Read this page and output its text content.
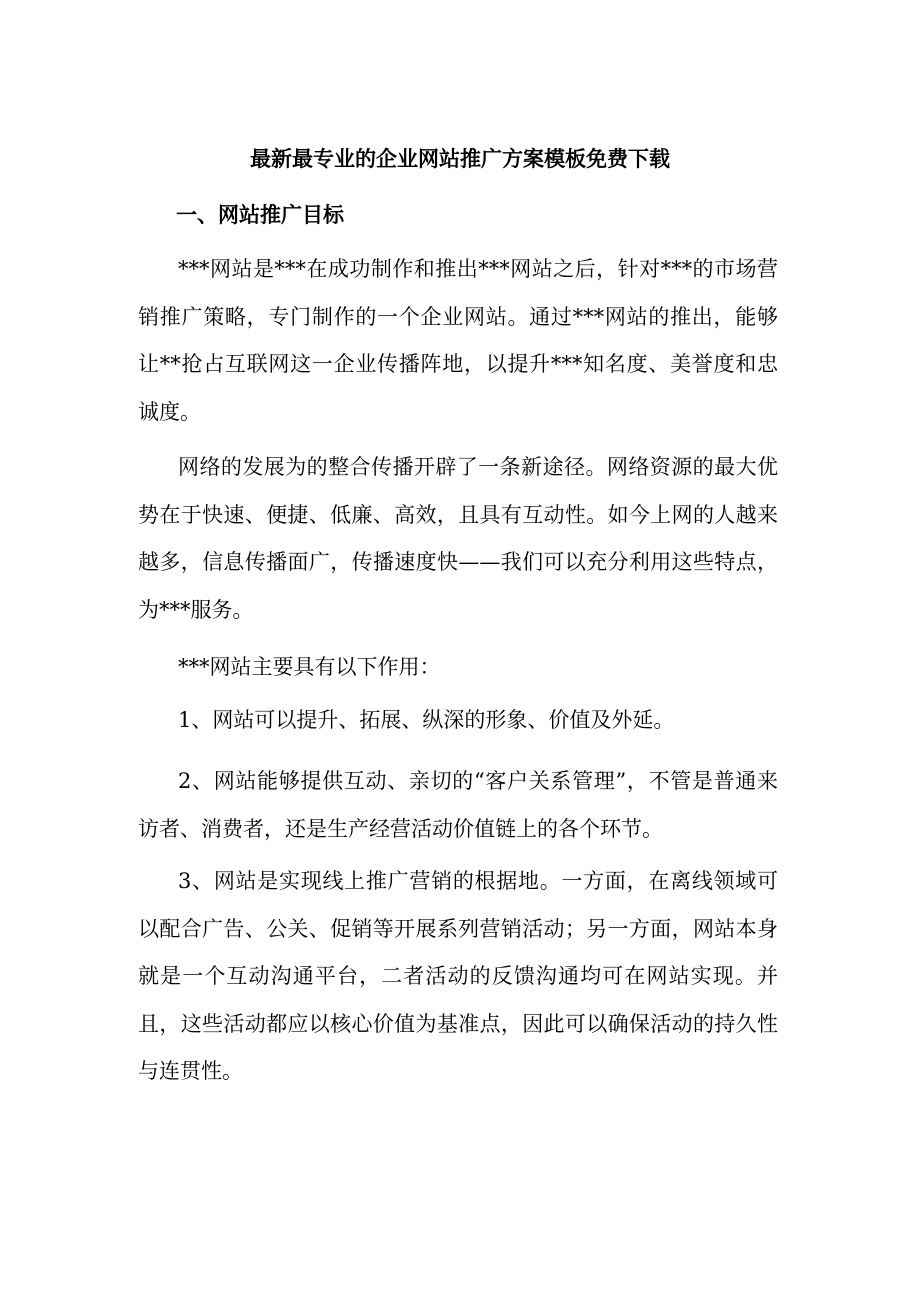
最新最专业的企业网站推广方案模板免费下载
一、网站推广目标

***网站是***在成功制作和推出***网站之后，针对***的市场营销推广策略，专门制作的一个企业网站。通过***网站的推出，能够让**抢占互联网这一企业传播阵地，以提升***知名度、美誉度和忠诚度。

网络的发展为的整合传播开辟了一条新途径。网络资源的最大优势在于快速、便捷、低廉、高效，且具有互动性。如今上网的人越来越多，信息传播面广，传播速度快——我们可以充分利用这些特点，为***服务。

***网站主要具有以下作用：

1、网站可以提升、拓展、纵深的形象、价值及外延。

2、网站能够提供互动、亲切的“客户关系管理”，不管是普通来访者、消费者，还是生产经营活动价值链上的各个环节。

3、网站是实现线上推广营销的根据地。一方面，在离线领域可以配合广告、公关、促销等开展系列营销活动；另一方面，网站本身就是一个互动沟通平台，二者活动的反馈沟通均可在网站实现。并且，这些活动都应以核心价值为基准点，因此可以确保活动的持久性与连贯性。
